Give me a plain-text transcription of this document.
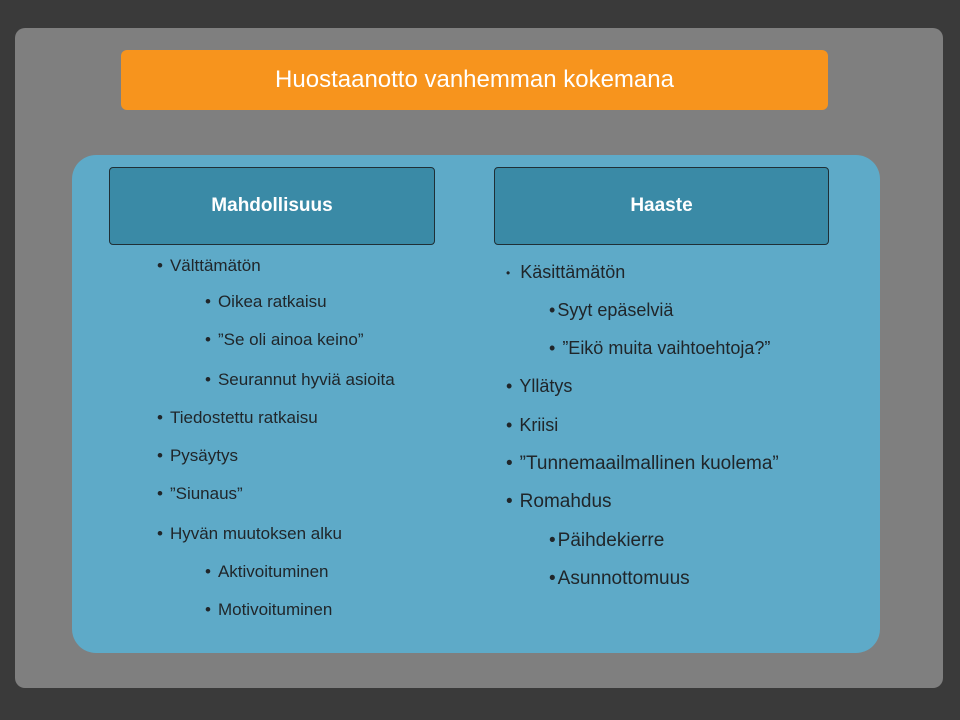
Huostaanotto vanhemman kokemana
Mahdollisuus	Haaste
• Välttämätön
• Oikea ratkaisu
• ”Se oli ainoa keino”
• Seurannut hyviä asioita
• Tiedostettu ratkaisu
• Pysäytys
• ”Siunaus”
• Hyvän muutoksen alku
• Aktivoituminen
• Motivoituminen
• Käsittämätön
• Syyt epäselviä
• ”Eikö muita vaihtoehtoja?”
• Yllätys
• Kriisi
• ”Tunnemaailmallinen kuolema”
• Romahdus
• Päihdekierre
• Asunnottomuus
